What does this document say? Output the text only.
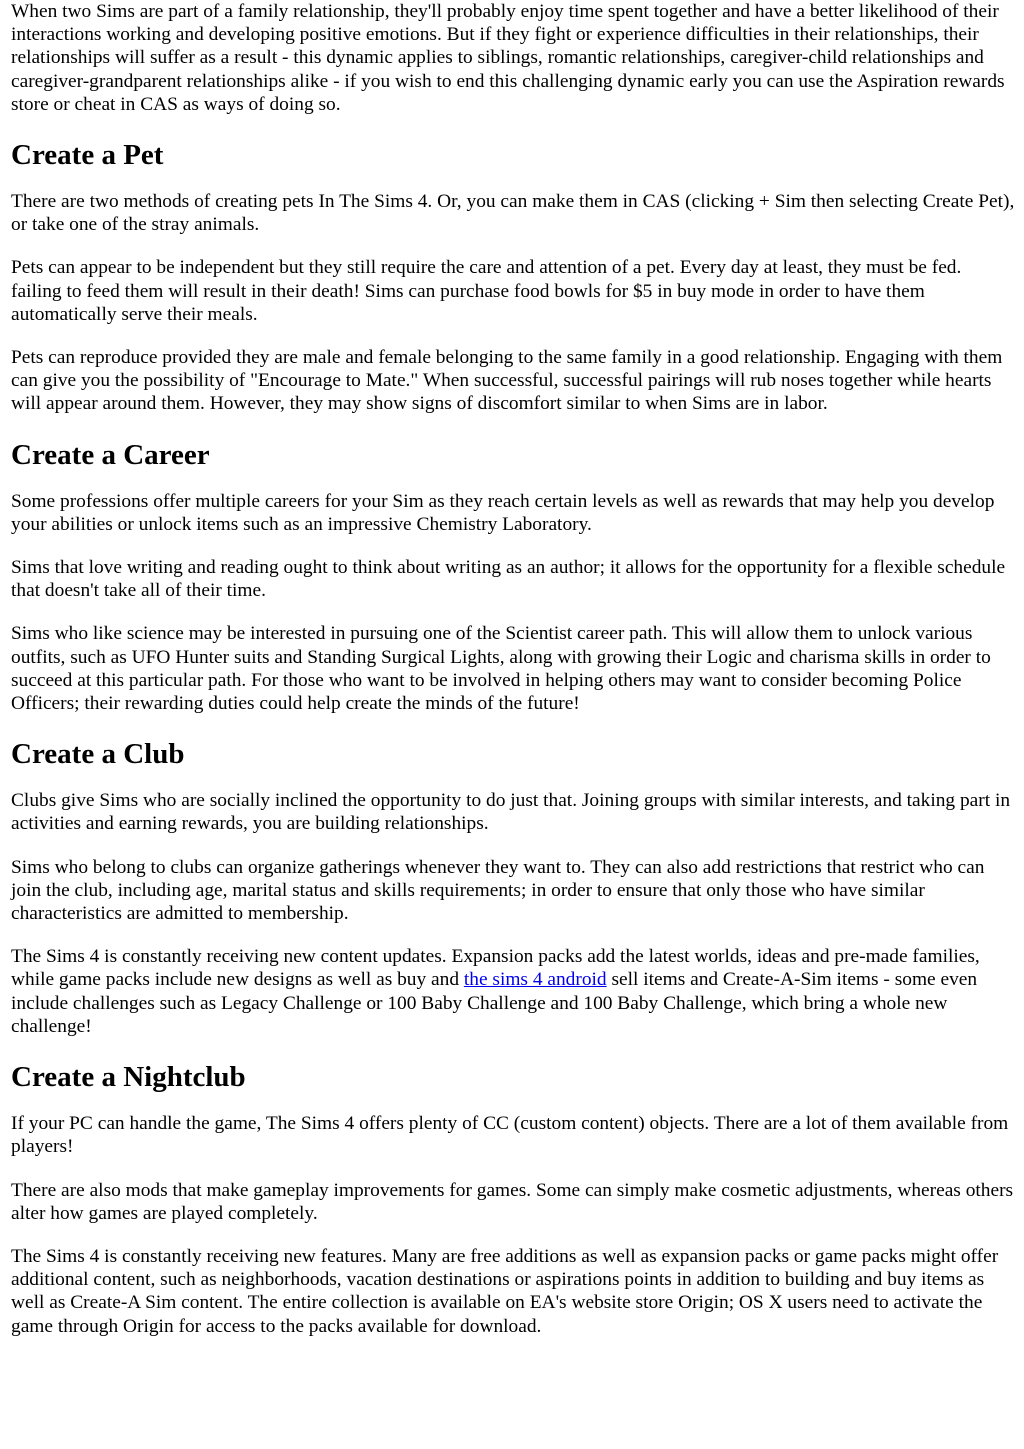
When two Sims are part of a family relationship, they'll probably enjoy time spent together and have a better likelihood of their interactions working and developing positive emotions. But if they fight or experience difficulties in their relationships, their relationships will suffer as a result - this dynamic applies to siblings, romantic relationships, caregiver-child relationships and caregiver-grandparent relationships alike - if you wish to end this challenging dynamic early you can use the Aspiration rewards store or cheat in CAS as ways of doing so.

Create a Pet

There are two methods of creating pets In The Sims 4. Or, you can make them in CAS (clicking + Sim then selecting Create Pet), or take one of the stray animals.

Pets can appear to be independent but they still require the care and attention of a pet. Every day at least, they must be fed. failing to feed them will result in their death! Sims can purchase food bowls for $5 in buy mode in order to have them automatically serve their meals.

Pets can reproduce provided they are male and female belonging to the same family in a good relationship. Engaging with them can give you the possibility of "Encourage to Mate." When successful, successful pairings will rub noses together while hearts will appear around them. However, they may show signs of discomfort similar to when Sims are in labor.

Create a Career

Some professions offer multiple careers for your Sim as they reach certain levels as well as rewards that may help you develop your abilities or unlock items such as an impressive Chemistry Laboratory.

Sims that love writing and reading ought to think about writing as an author; it allows for the opportunity for a flexible schedule that doesn't take all of their time.

Sims who like science may be interested in pursuing one of the Scientist career path. This will allow them to unlock various outfits, such as UFO Hunter suits and Standing Surgical Lights, along with growing their Logic and charisma skills in order to succeed at this particular path. For those who want to be involved in helping others may want to consider becoming Police Officers; their rewarding duties could help create the minds of the future!

Create a Club

Clubs give Sims who are socially inclined the opportunity to do just that. Joining groups with similar interests, and taking part in activities and earning rewards, you are building relationships.

Sims who belong to clubs can organize gatherings whenever they want to. They can also add restrictions that restrict who can join the club, including age, marital status and skills requirements; in order to ensure that only those who have similar characteristics are admitted to membership.

The Sims 4 is constantly receiving new content updates. Expansion packs add the latest worlds, ideas and pre-made families, while game packs include new designs as well as buy and the sims 4 android sell items and Create-A-Sim items - some even include challenges such as Legacy Challenge or 100 Baby Challenge and 100 Baby Challenge, which bring a whole new challenge!

Create a Nightclub

If your PC can handle the game, The Sims 4 offers plenty of CC (custom content) objects. There are a lot of them available from players!

There are also mods that make gameplay improvements for games. Some can simply make cosmetic adjustments, whereas others alter how games are played completely.

The Sims 4 is constantly receiving new features. Many are free additions as well as expansion packs or game packs might offer additional content, such as neighborhoods, vacation destinations or aspirations points in addition to building and buy items as well as Create-A Sim content. The entire collection is available on EA's website store Origin; OS X users need to activate the game through Origin for access to the packs available for download.
